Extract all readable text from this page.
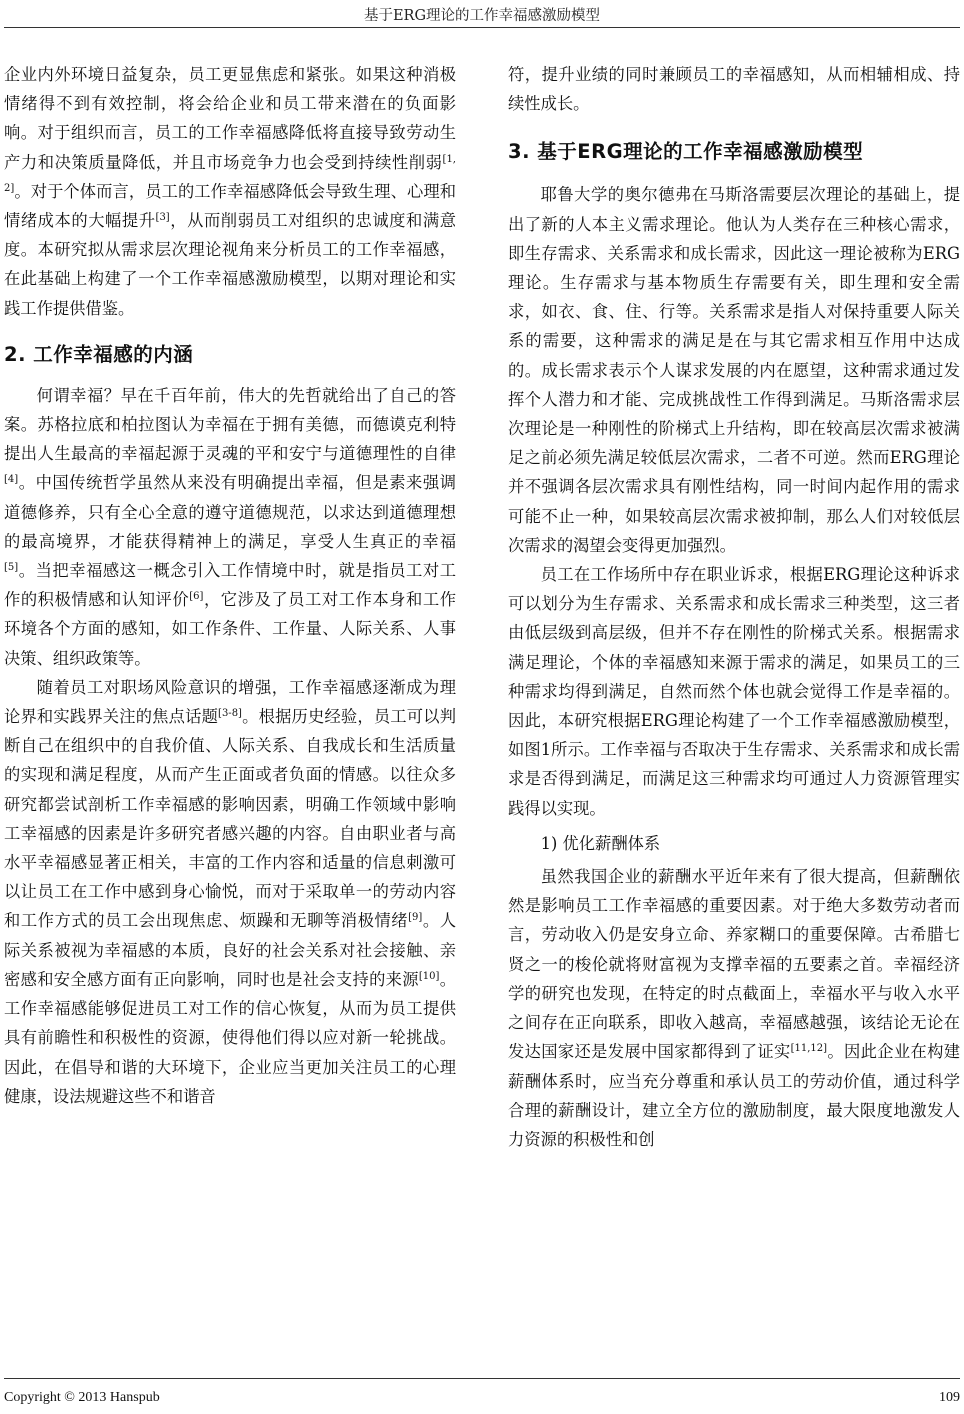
基于ERG理论的工作幸福感激励模型

企业内外环境日益复杂，员工更显焦虑和紧张。如果这种消极情绪得不到有效控制，将会给企业和员工带来潜在的负面影响。对于组织而言，员工的工作幸福感降低将直接导致劳动生产力和决策质量降低，并且市场竞争力也会受到持续性削弱[1,2]。对于个体而言，员工的工作幸福感降低会导致生理、心理和情绪成本的大幅提升[3]，从而削弱员工对组织的忠诚度和满意度。本研究拟从需求层次理论视角来分析员工的工作幸福感，在此基础上构建了一个工作幸福感激励模型，以期对理论和实践工作提供借鉴。

2. 工作幸福感的内涵

何谓幸福？早在千百年前，伟大的先哲就给出了自己的答案。苏格拉底和柏拉图认为幸福在于拥有美德，而德谟克利特提出人生最高的幸福起源于灵魂的平和安宁与道德理性的自律[4]。中国传统哲学虽然从来没有明确提出幸福，但是素来强调道德修养，只有全心全意的遵守道德规范，以求达到道德理想的最高境界，才能获得精神上的满足，享受人生真正的幸福[5]。当把幸福感这一概念引入工作情境中时，就是指员工对工作的积极情感和认知评价[6]，它涉及了员工对工作本身和工作环境各个方面的感知，如工作条件、工作量、人际关系、人事决策、组织政策等。

随着员工对职场风险意识的增强，工作幸福感逐渐成为理论界和实践界关注的焦点话题[3-8]。根据历史经验，员工可以判断自己在组织中的自我价值、人际关系、自我成长和生活质量的实现和满足程度，从而产生正面或者负面的情感。以往众多研究都尝试剖析工作幸福感的影响因素，明确工作领域中影响工幸福感的因素是许多研究者感兴趣的内容。自由职业者与高水平幸福感显著正相关，丰富的工作内容和适量的信息刺激可以让员工在工作中感到身心愉悦，而对于采取单一的劳动内容和工作方式的员工会出现焦虑、烦躁和无聊等消极情绪[9]。人际关系被视为幸福感的本质，良好的社会关系对社会接触、亲密感和安全感方面有正向影响，同时也是社会支持的来源[10]。工作幸福感能够促进员工对工作的信心恢复，从而为员工提供具有前瞻性和积极性的资源，使得他们得以应对新一轮挑战。因此，在倡导和谐的大环境下，企业应当更加关注员工的心理健康，设法规避这些不和谐音

符，提升业绩的同时兼顾员工的幸福感知，从而相辅相成、持续性成长。

3. 基于ERG理论的工作幸福感激励模型

耶鲁大学的奥尔德弗在马斯洛需要层次理论的基础上，提出了新的人本主义需求理论。他认为人类存在三种核心需求，即生存需求、关系需求和成长需求，因此这一理论被称为ERG理论。生存需求与基本物质生存需要有关，即生理和安全需求，如衣、食、住、行等。关系需求是指人对保持重要人际关系的需要，这种需求的满足是在与其它需求相互作用中达成的。成长需求表示个人谋求发展的内在愿望，这种需求通过发挥个人潜力和才能、完成挑战性工作得到满足。马斯洛需求层次理论是一种刚性的阶梯式上升结构，即在较高层次需求被满足之前必须先满足较低层次需求，二者不可逆。然而ERG理论并不强调各层次需求具有刚性结构，同一时间内起作用的需求可能不止一种，如果较高层次需求被抑制，那么人们对较低层次需求的渴望会变得更加强烈。

员工在工作场所中存在职业诉求，根据ERG理论这种诉求可以划分为生存需求、关系需求和成长需求三种类型，这三者由低层级到高层级，但并不存在刚性的阶梯式关系。根据需求满足理论，个体的幸福感知来源于需求的满足，如果员工的三种需求均得到满足，自然而然个体也就会觉得工作是幸福的。因此，本研究根据ERG理论构建了一个工作幸福感激励模型，如图1所示。工作幸福与否取决于生存需求、关系需求和成长需求是否得到满足，而满足这三种需求均可通过人力资源管理实践得以实现。

1) 优化薪酬体系

虽然我国企业的薪酬水平近年来有了很大提高，但薪酬依然是影响员工工作幸福感的重要因素。对于绝大多数劳动者而言，劳动收入仍是安身立命、养家糊口的重要保障。古希腊七贤之一的梭伦就将财富视为支撑幸福的五要素之首。幸福经济学的研究也发现，在特定的时点截面上，幸福水平与收入水平之间存在正向联系，即收入越高，幸福感越强，该结论无论在发达国家还是发展中国家都得到了证实[11,12]。因此企业在构建薪酬体系时，应当充分尊重和承认员工的劳动价值，通过科学合理的薪酬设计，建立全方位的激励制度，最大限度地激发人力资源的积极性和创

Copyright © 2013 Hanspub	109
